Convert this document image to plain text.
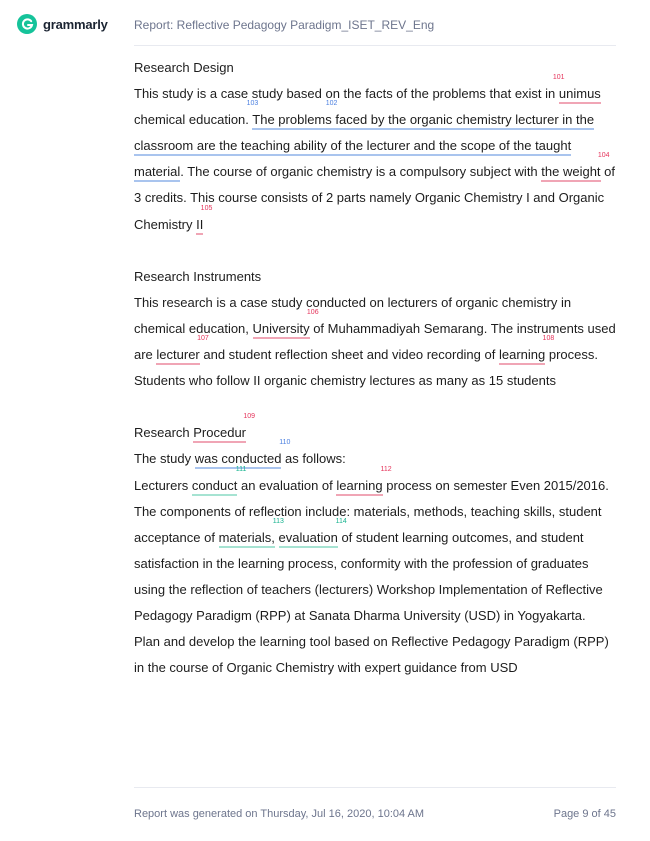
grammarly Report: Reflective Pedagogy Paradigm_ISET_REV_Eng

Research Design

This study is a case study based on the facts of the problems that exist in
101
unimus chemical education. The problems
102
faced by the organic chemistry lecturer in the classroom are the teaching ability of the lecturer and the scope of the taught material
103
. The course of organic chemistry is a compulsory subject with the weight
104
of 3 credits. This course consists of 2 parts namely Organic Chemistry I and Organic Chemistry II
105

Research Instruments

This research is a case study conducted on lecturers of organic chemistry in chemical education, University
106
of Muhammadiyah Semarang. The instruments used are lecturer
107
and student reflection sheet and video recording of learning
108
process. Students who follow II organic chemistry lectures as many as 15 students

Research Procedur
109

The study was conducted
110
as follows:

Lecturers conduct
111
an evaluation of learning
112
process on semester Even 2015/2016. The components of reflection include: materials, methods, teaching skills, student acceptance of materials,
113
evaluation
114
of student learning outcomes, and student satisfaction in the learning process, conformity with the profession of graduates using the reflection of teachers (lecturers) Workshop Implementation of Reflective Pedagogy Paradigm (RPP) at Sanata Dharma University (USD) in Yogyakarta.

Plan and develop the learning tool based on Reflective Pedagogy Paradigm (RPP) in the course of Organic Chemistry with expert guidance from USD

Report was generated on Thursday, Jul 16, 2020, 10:04 AM	Page 9 of 45
